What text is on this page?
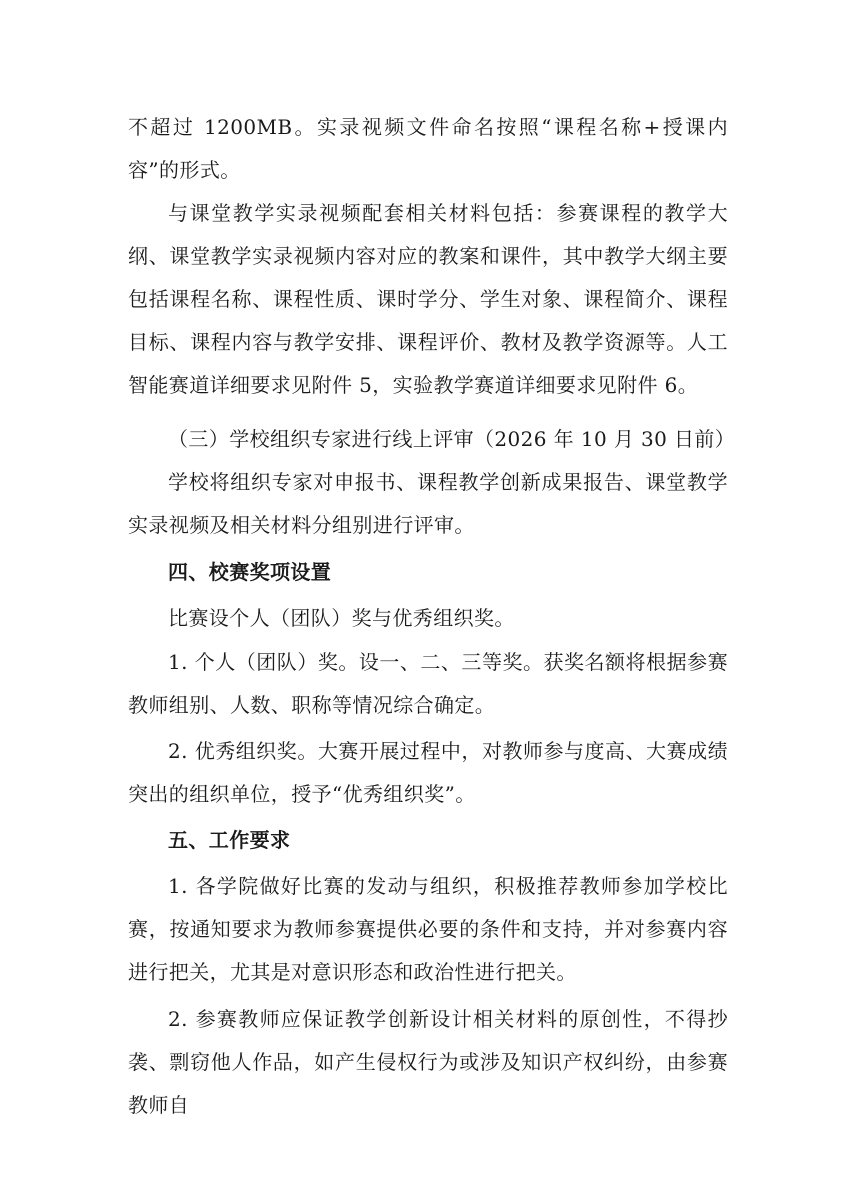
不超过 1200MB。实录视频文件命名按照“课程名称+授课内容”的形式。

与课堂教学实录视频配套相关材料包括：参赛课程的教学大纲、课堂教学实录视频内容对应的教案和课件，其中教学大纲主要包括课程名称、课程性质、课时学分、学生对象、课程简介、课程目标、课程内容与教学安排、课程评价、教材及教学资源等。人工智能赛道详细要求见附件 5，实验教学赛道详细要求见附件 6。

（三）学校组织专家进行线上评审（2026 年 10 月 30 日前）

学校将组织专家对申报书、课程教学创新成果报告、课堂教学实录视频及相关材料分组别进行评审。

四、校赛奖项设置

比赛设个人（团队）奖与优秀组织奖。

1. 个人（团队）奖。设一、二、三等奖。获奖名额将根据参赛教师组别、人数、职称等情况综合确定。

2. 优秀组织奖。大赛开展过程中，对教师参与度高、大赛成绩突出的组织单位，授予“优秀组织奖”。

五、工作要求

1. 各学院做好比赛的发动与组织，积极推荐教师参加学校比赛，按通知要求为教师参赛提供必要的条件和支持，并对参赛内容进行把关，尤其是对意识形态和政治性进行把关。

2. 参赛教师应保证教学创新设计相关材料的原创性，不得抄袭、剽窃他人作品，如产生侵权行为或涉及知识产权纠纷，由参赛教师自
